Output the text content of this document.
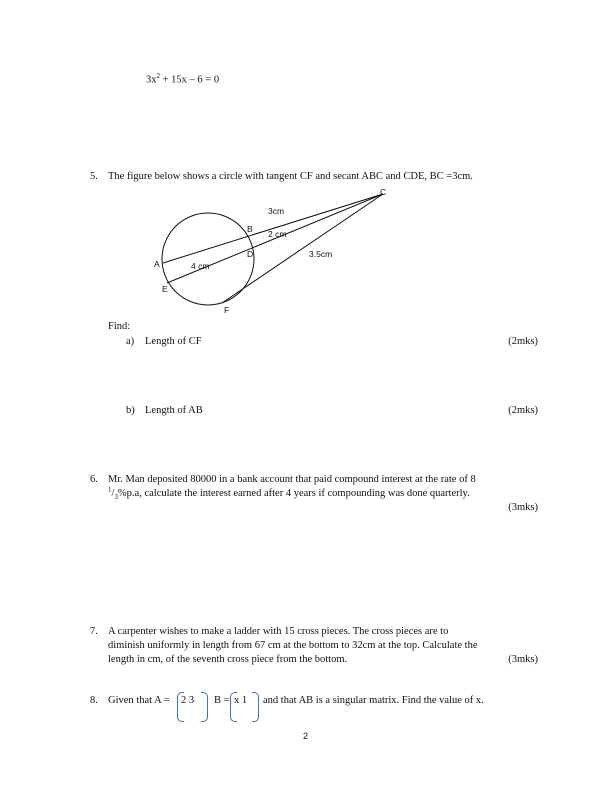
$3x^2 + 15x - 6 = 0$
5. The figure below shows a circle with tangent CF and secant ABC and CDE, BC =3cm.
C
B
A
D
E
F
3cm
2 cm
4 cm
3.5cm
Find:
a) Length of CF	(2mks)
b) Length of AB	(2mks)
6. Mr. Man deposited 80000 in a bank account that paid compound interest at the rate of 8
$^1/_3\%p.a$, calculate the interest earned after 4 years if compounding was done quarterly.
(3mks)
7. A carpenter wishes to make a ladder with 15 cross pieces. The cross pieces are to
diminish uniformly in length from 67 cm at the bottom to 32cm at the top. Calculate the
length in cm, of the seventh cross piece from the bottom.	(3mks)
8. Given that A = 2 3 B = x 1 and that AB is a singular matrix. Find the value of x.
2
